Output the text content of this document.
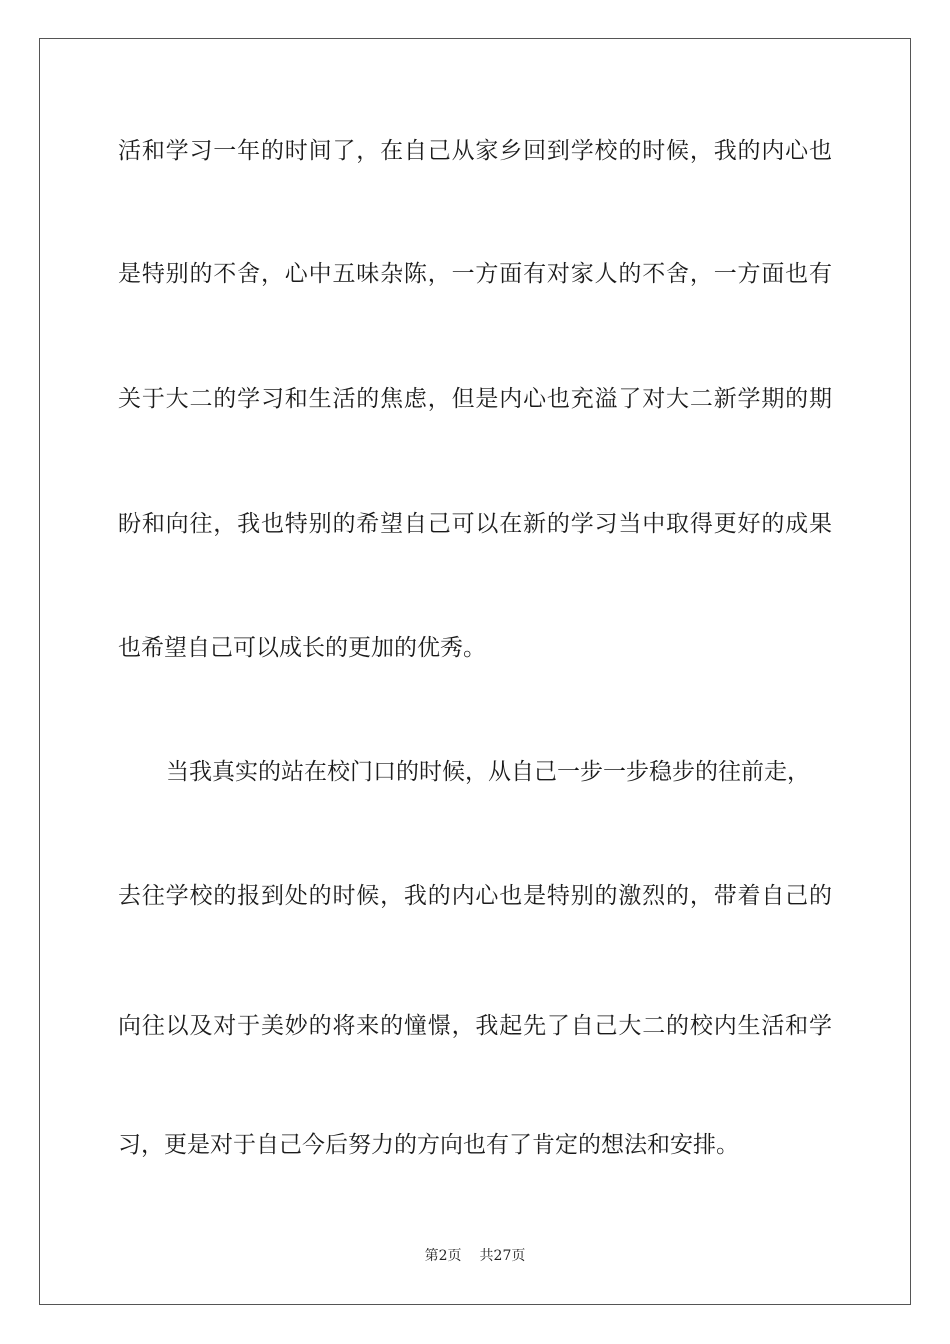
活和学习一年的时间了，在自己从家乡回到学校的时候，我的内心也
是特别的不舍，心中五味杂陈，一方面有对家人的不舍，一方面也有
关于大二的学习和生活的焦虑，但是内心也充溢了对大二新学期的期
盼和向往，我也特别的希望自己可以在新的学习当中取得更好的成果
也希望自己可以成长的更加的优秀。
当我真实的站在校门口的时候，从自己一步一步稳步的往前走，
去往学校的报到处的时候，我的内心也是特别的激烈的，带着自己的
向往以及对于美妙的将来的憧憬，我起先了自己大二的校内生活和学
习，更是对于自己今后努力的方向也有了肯定的想法和安排。
第2页 共27页
